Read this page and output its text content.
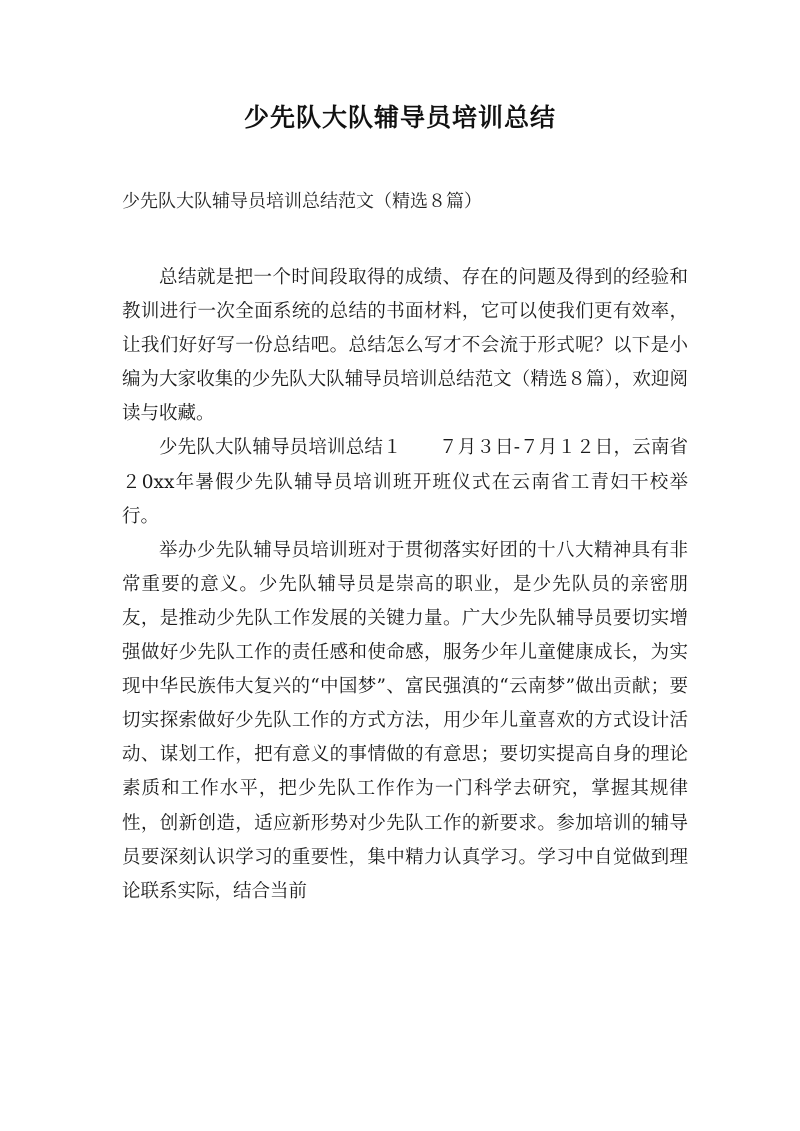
少先队大队辅导员培训总结
少先队大队辅导员培训总结范文（精选８篇）

总结就是把一个时间段取得的成绩、存在的问题及得到的经验和教训进行一次全面系统的总结的书面材料，它可以使我们更有效率，让我们好好写一份总结吧。总结怎么写才不会流于形式呢？以下是小编为大家收集的少先队大队辅导员培训总结范文（精选８篇），欢迎阅读与收藏。

少先队大队辅导员培训总结１　　７月３日-７月１２日，云南省２0xx年暑假少先队辅导员培训班开班仪式在云南省工青妇干校举行。

举办少先队辅导员培训班对于贯彻落实好团的十八大精神具有非常重要的意义。少先队辅导员是崇高的职业，是少先队员的亲密朋友，是推动少先队工作发展的关键力量。广大少先队辅导员要切实增强做好少先队工作的责任感和使命感，服务少年儿童健康成长，为实现中华民族伟大复兴的“中国梦”、富民强滇的“云南梦”做出贡献；要切实探索做好少先队工作的方式方法，用少年儿童喜欢的方式设计活动、谋划工作，把有意义的事情做的有意思；要切实提高自身的理论素质和工作水平，把少先队工作作为一门科学去研究，掌握其规律性，创新创造，适应新形势对少先队工作的新要求。参加培训的辅导员要深刻认识学习的重要性，集中精力认真学习。学习中自觉做到理论联系实际，结合当前
